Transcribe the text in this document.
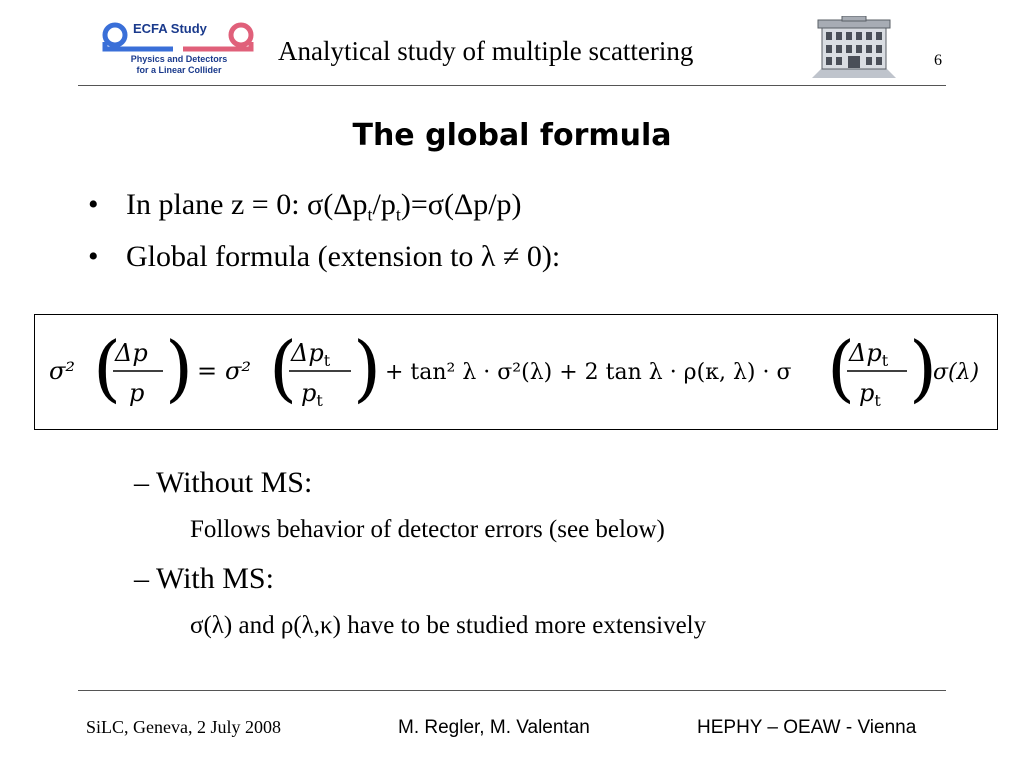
ECFA Study
Physics and Detectors
for a Linear Collider
Analytical study of multiple scattering	6
The global formula
• In plane z = 0: $\sigma(\Delta p_t/p_t)=\sigma(\Delta p/p)$
• Global formula (extension to λ ≠ 0):
σ² (
Δp
p ) = σ² (
$\Delta p_t$
$p_t$ ) + tan² λ · σ²(λ) + 2 tan λ · ρ(κ, λ) · σ (
$\Delta p_t$
$p_t$ )
σ(λ)
– Without MS:
Follows behavior of detector errors (see below)
– With MS:
σ(λ) and ρ(λ,κ) have to be studied more extensively
SiLC, Geneva, 2 July 2008	M. Regler, M. Valentan	HEPHY – OEAW - Vienna
